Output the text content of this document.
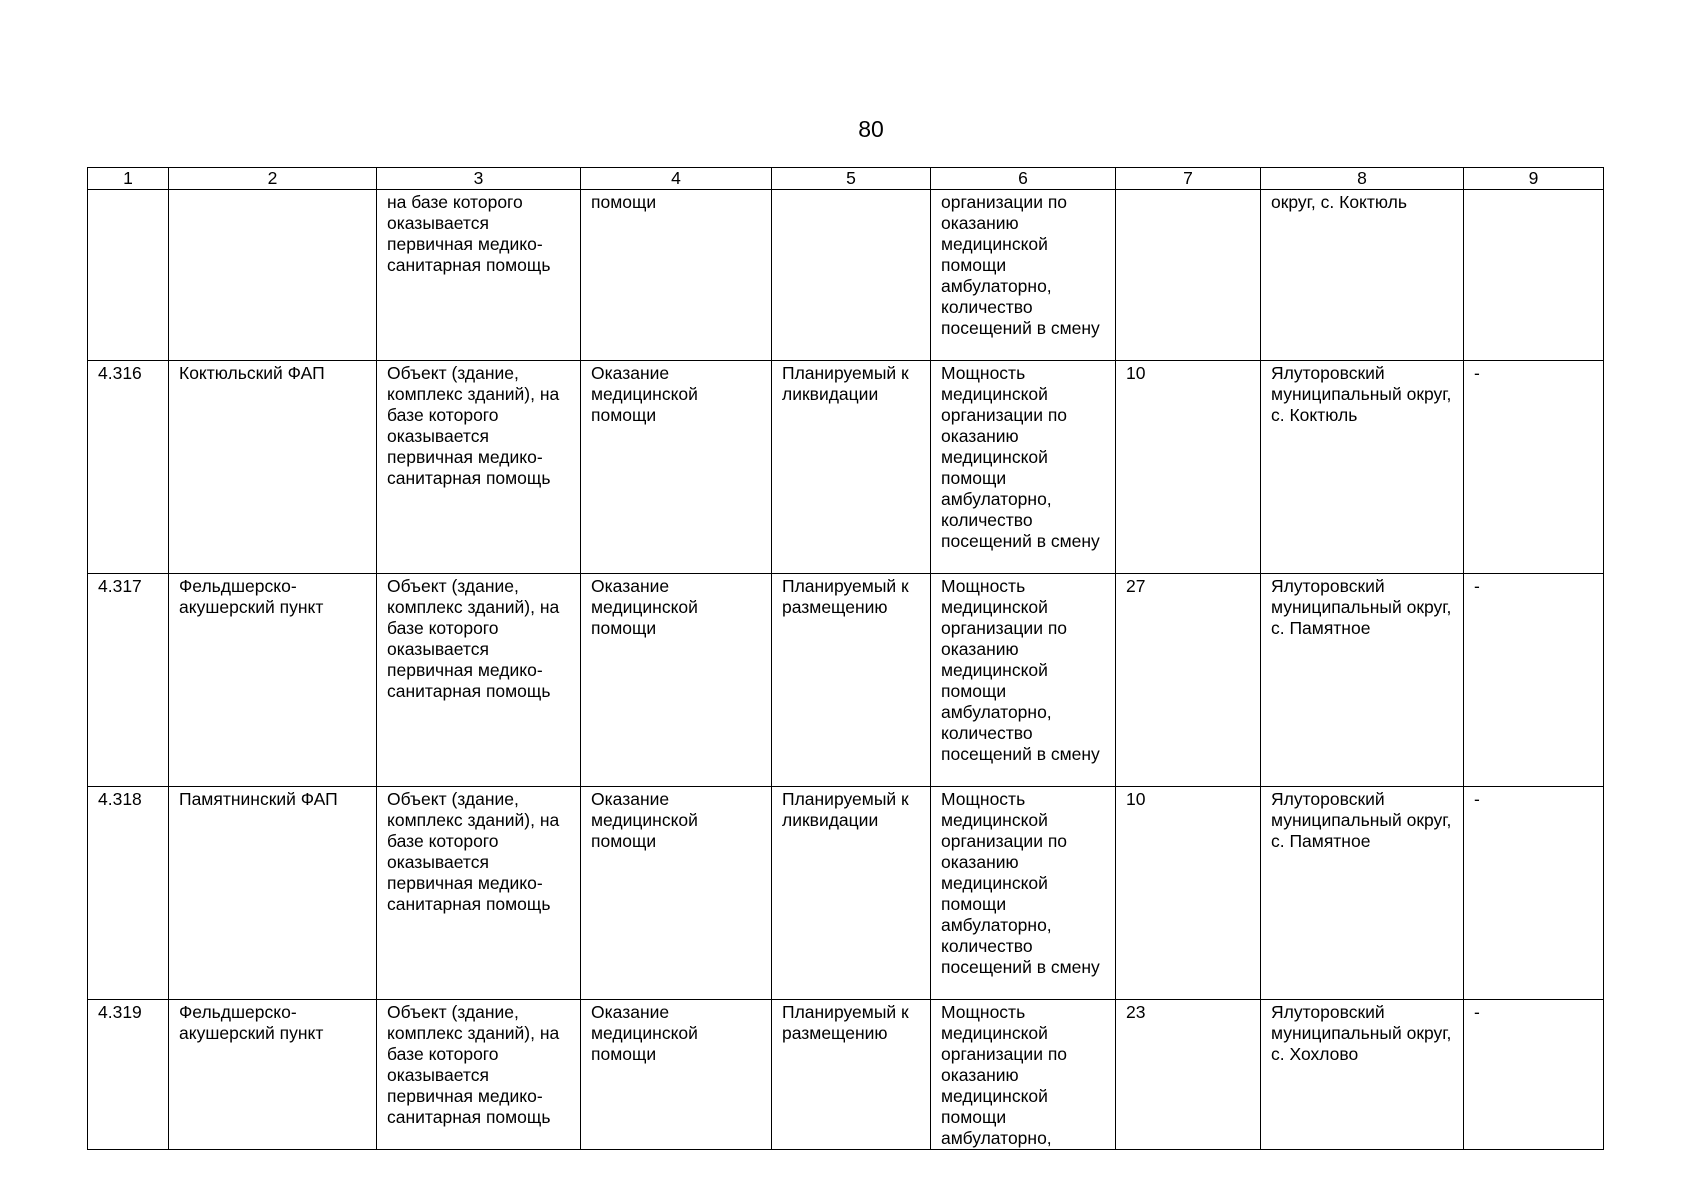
80
1	2	3	4	5	6	7	8	9
		на базе которого оказывается первичная медико-санитарная помощь	помощи		организации по оказанию медицинской помощи амбулаторно, количество посещений в смену		округ, с. Коктюль	
4.316	Коктюльский ФАП	Объект (здание, комплекс зданий), на базе которого оказывается первичная медико-санитарная помощь	Оказание медицинской помощи	Планируемый к ликвидации	Мощность медицинской организации по оказанию медицинской помощи амбулаторно, количество посещений в смену	10	Ялуторовский муниципальный округ, с. Коктюль	-
4.317	Фельдшерско-акушерский пункт	Объект (здание, комплекс зданий), на базе которого оказывается первичная медико-санитарная помощь	Оказание медицинской помощи	Планируемый к размещению	Мощность медицинской организации по оказанию медицинской помощи амбулаторно, количество посещений в смену	27	Ялуторовский муниципальный округ, с. Памятное	-
4.318	Памятнинский ФАП	Объект (здание, комплекс зданий), на базе которого оказывается первичная медико-санитарная помощь	Оказание медицинской помощи	Планируемый к ликвидации	Мощность медицинской организации по оказанию медицинской помощи амбулаторно, количество посещений в смену	10	Ялуторовский муниципальный округ, с. Памятное	-
4.319	Фельдшерско-акушерский пункт	Объект (здание, комплекс зданий), на базе которого оказывается первичная медико-санитарная помощь	Оказание медицинской помощи	Планируемый к размещению	Мощность медицинской организации по оказанию медицинской помощи амбулаторно,	23	Ялуторовский муниципальный округ, с. Хохлово	-
